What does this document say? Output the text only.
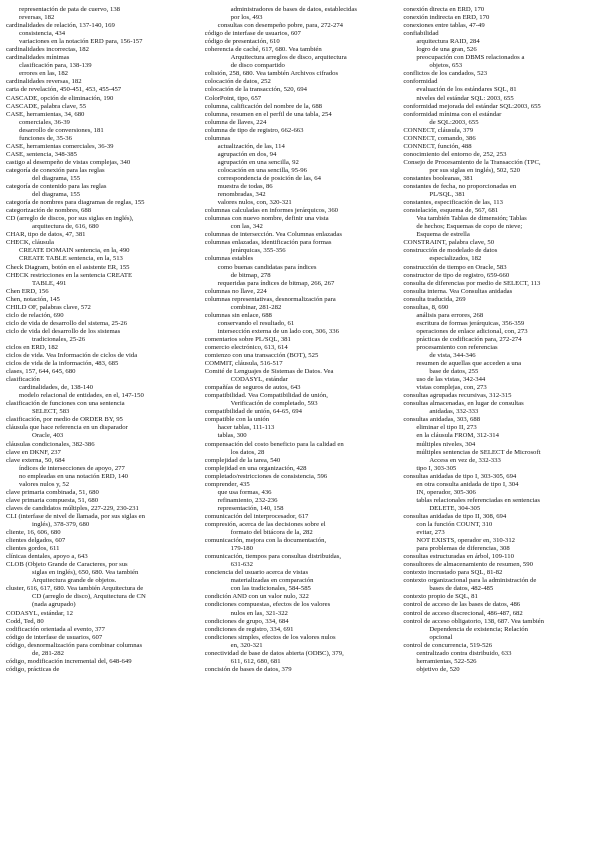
representación de pata de cuervo, 138
reversas, 182
cardinalidades de relación, 137-140, 169
consistencia, 434
variaciones en la notación ERD para, 156-157
cardinalidades incorrectas, 182
cardinalidades mínimas
clasificación para, 138-139
errores en las, 182
cardinalidades reversas, 182
carta de revelación, 450-451, 453, 455-457
CASCADE, opción de eliminación, 190
CASCADE, palabra clave, 55
CASE, herramientas, 34, 680
comerciales, 36-39
desarrollo de conversiones, 181
funciones de, 35-36
CASE, herramientas comerciales, 36-39
CASE, sentencia, 348-385
castigo al desempeño de vistas complejas, 340
categoría de conexión para las reglas
del diagrama, 155
categoría de contenido para las reglas
del diagrama, 155
categoría de nombres para diagramas de reglas, 155
categorización de nombres, 688
CD (arreglo de discos, por sus siglas en inglés),
arquitectura de, 616, 680
CHAR, tipo de datos, 47, 381
CHECK, cláusula
CREATE DOMAIN sentencia, en la, 490
CREATE TABLE sentencia, en la, 513
Check Diagram, botón en el asistente ER, 155
CHECK restricciones en la sentencia CREATE
TABLE, 491
Chen ERD, 156
Chen, notación, 145
CHILD OF, palabras clave, 572
ciclo de relación, 690
ciclo de vida de desarrollo del sistema, 25-26
ciclo de vida del desarrollo de los sistemas
tradicionales, 25-26
ciclos en ERD, 182
ciclos de vida. Vea Información de ciclos de vida
ciclos de vida de la información, 483, 685
clases, 157, 644, 645, 680
clasificación
cardinalidades, de, 138-140
modelo relacional de entidades, en el, 147-150
clasificación de funciones con una sentencia
SELECT, 583
clasificación, por medio de ORDER BY, 95
cláusula que hace referencia en un disparador
Oracle, 403
cláusulas condicionales, 382-386
clave en DKNF, 237
clave externa, 50, 684
índices de intersecciones de apoyo, 277
no empleadas en una notación ERD, 140
valores nulos y, 52
clave primaria combinada, 51, 680
clave primaria compuesta, 51, 680
claves de candidatos múltiples, 227-229, 230-231
CLI (interfase de nivel de llamada, por sus siglas en
inglés), 378-379, 680
cliente, 16, 606, 680
clientes delgados, 607
clientes gordos, 611
clínicas dentales, apoyo a, 643
CLOB (Objeto Grande de Caracteres, por sus
siglas en inglés), 650, 680. Vea también
Arquitectura grande de objetos.
cluster, 616, 617, 680. Vea también Arquitectura de
CD (arreglo de disco), Arquitectura de CN
(nada agrupado)
CODASYL, estándar, 12
Codd, Ted, 80
codificación orientada al evento, 377
código de interfase de usuarios, 607
código, desnormalización para combinar columnas
de, 281-282
código, modificación incremental del, 648-649
código, prácticas de
administradores de bases de datos, establecidas
por los, 493
consultas con desempeño pobre, para, 272-274
código de interfase de usuarios, 607
código de presentación, 610
coherencia de caché, 617, 680. Vea también
Arquitectura arreglos de disco, arquitectura
de disco compartido
colisión, 258, 680. Vea también Archivos cifrados
colocación de datos, 252
colocación de la transacción, 520, 694
ColorPoint, tipo, 657
columna, calificación del nombre de la, 688
columna, resumen en el perfil de una tabla, 254
columna de llaves, 224
columna de tipo de registro, 662-663
columnas
actualización, de las, 114
agrupación en dos, 94
agrupación en una sencilla, 92
colocación en una sencilla, 95-96
correspondencia de posición de las, 64
muestra de todas, 86
renombradas, 342
valores nulos, con, 320-321
columnas calculadas en informes jerárquicos, 360
columnas con nuevo nombre, definir una vista
con las, 342
columnas de intersección. Vea Columnas enlazadas
columnas enlazadas, identificación para formas
jerárquicas, 355-356
columnas estables
como buenas candidatas para índices
de bitmap, 278
requeridas para índices de bitmap, 266, 267
columnas no llave, 224
columnas representativas, desnormalización para
combinar, 281-282
columnas sin enlace, 688
conservando el resultado, 61
intersección externa de un lado con, 306, 336
comentarios sobre PL/SQL, 381
comercio electrónico, 613, 614
comienzo con una transacción (BOT), 525
COMMIT, cláusula, 516-517
Comité de Lenguajes de Sistemas de Datos. Vea
CODASYL, estándar
compañías de seguros de autos, 643
compatibilidad. Vea Compatibilidad de unión,
Verificación de completado, 593
compatibilidad de unión, 64-65, 694
compatible con la unión
hacer tablas, 111-113
tablas, 300
compensación del costo beneficio para la calidad en
los datos, 28
complejidad de la tarea, 540
complejidad en una organización, 428
completado/restricciones de consistencia, 596
comprender, 435
que usa formas, 436
refinamiento, 232-236
representación, 140, 158
comunicación del interprocesador, 617
compresión, acerca de las decisiones sobre el
formato del bitácora de la, 282
comunicación, mejora con la documentación,
179-180
comunicación, tiempos para consultas distribuidas,
631-632
conciencia del usuario acerca de vistas
materializadas en comparación
con las tradicionales, 584-585
condición AND con un valor nulo, 322
condiciones compuestas, efectos de los valores
nulos en las, 321-322
condiciones de grupo, 334, 684
condiciones de registro, 334, 691
condiciones simples, efectos de los valores nulos
en, 320-321
conectividad de base de datos abierta (ODBC), 379,
611, 612, 680, 681
concisión de bases de datos, 379
conexión directa en ERD, 170
conexión indirecta en ERD, 170
conexiones entre tablas, 47-49
confiabilidad
arquitectura RAID, 284
logro de una gran, 526
preocupación con DBMS relacionados a
objetos, 653
conflictos de los candados, 523
conformidad
evaluación de los estándares SQL, 81
niveles del estándar SQL: 2003, 655
conformidad mejorada del estándar SQL:2003, 655
conformidad mínima con el estándar
de SQL:2003, 655
CONNECT, cláusula, 379
CONNECT, comando, 386
CONNECT, función, 488
conocimiento del entorno de, 252, 253
Consejo de Procesamiento de la Transacción (TPC,
por sus siglas en inglés), 502, 520
constantes booleanas, 381
constantes de fecha, no proporcionadas en
PL/SQL, 381
constantes, especificación de las, 113
constelación, esquema de, 567, 681
Vea también Tablas de dimensión; Tablas
de hechos; Esquemas de copo de nieve;
Esquema de estrella
CONSTRAINT, palabra clave, 50
construcción de modelado de datos
especializados, 182
construcción de tiempo en Oracle, 583
constructor de tipo de registro, 659-660
consulta de diferencias por medio de SELECT, 113
consulta interna. Vea Consultas anidadas
consulta traducida, 269
consultas, 8, 690
análisis para errores, 268
escritura de formas jerárquicas, 356-359
operaciones de enlace adicional, con, 273
prácticas de codificación para, 272-274
procesamiento con referencias
de vista, 344-346
resumen de aquellas que acceden a una
base de datos, 255
uso de las vistas, 342-344
vistas complejas, con, 273
consultas agrupadas recursivas, 312-315
consultas almacenadas, en lugar de consultas
anidadas, 332-333
consultas anidadas, 303, 688
eliminar el tipo II, 273
en la cláusula FROM, 312-314
múltiples niveles, 304
múltiples sentencias de SELECT de Microsoft
Access en vez de, 332-333
tipo I, 303-305
consultas anidadas de tipo I, 303-305, 694
en otra consulta anidada de tipo I, 304
IN, operador, 305-306
tablas relacionales referenciadas en sentencias
DELETE, 304-305
consultas anidadas de tipo II, 308, 694
con la función COUNT, 310
evitar, 273
NOT EXISTS, operador en, 310-312
para problemas de diferencias, 308
consultas estructuradas en árbol, 109-110
consultores de almacenamiento de resumen, 590
contexto incrustado para SQL, 81-82
contexto organizacional para la administración de
bases de datos, 482-485
contexto propio de SQL, 81
control de acceso de las bases de datos, 486
control de acceso discrecional, 486-487, 682
control de acceso obligatorio, 138, 687. Vea también
Dependencia de existencia; Relación
opcional
control de concurrencia, 519-526
centralizado contra distribuido, 633
herramientas, 522-526
objetivo de, 520
